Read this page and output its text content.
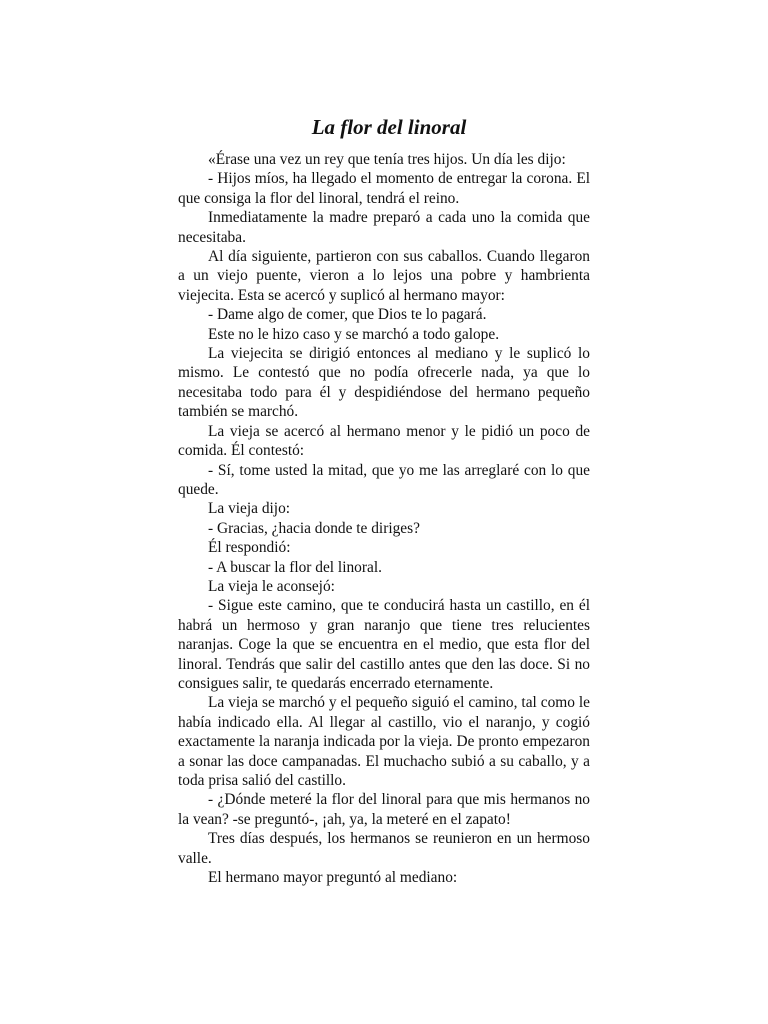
La flor del linoral

«Érase una vez un rey que tenía tres hijos. Un día les dijo:

- Hijos míos, ha llegado el momento de entregar la corona. El que consiga la flor del linoral, tendrá el reino.

Inmediatamente la madre preparó a cada uno la comida que necesitaba.

Al día siguiente, partieron con sus caballos. Cuando llegaron a un viejo puente, vieron a lo lejos una pobre y hambrienta viejecita. Esta se acercó y suplicó al hermano mayor:

- Dame algo de comer, que Dios te lo pagará.

Este no le hizo caso y se marchó a todo galope.

La viejecita se dirigió entonces al mediano y le suplicó lo mismo. Le contestó que no podía ofrecerle nada, ya que lo necesitaba todo para él y despidiéndose del hermano pequeño también se marchó.

La vieja se acercó al hermano menor y le pidió un poco de comida. Él contestó:

- Sí, tome usted la mitad, que yo me las arreglaré con lo que quede.

La vieja dijo:

- Gracias, ¿hacia donde te diriges?

Él respondió:

- A buscar la flor del linoral.

La vieja le aconsejó:

- Sigue este camino, que te conducirá hasta un castillo, en él habrá un hermoso y gran naranjo que tiene tres relucientes naranjas. Coge la que se encuentra en el medio, que esta flor del linoral. Tendrás que salir del castillo antes que den las doce. Si no consigues salir, te quedarás encerrado eternamente.

La vieja se marchó y el pequeño siguió el camino, tal como le había indicado ella. Al llegar al castillo, vio el naranjo, y cogió exactamente la naranja indicada por la vieja. De pronto empezaron a sonar las doce campanadas. El muchacho subió a su caballo, y a toda prisa salió del castillo.

- ¿Dónde meteré la flor del linoral para que mis hermanos no la vean? -se preguntó-, ¡ah, ya, la meteré en el zapato!

Tres días después, los hermanos se reunieron en un hermoso valle.

El hermano mayor preguntó al mediano:
